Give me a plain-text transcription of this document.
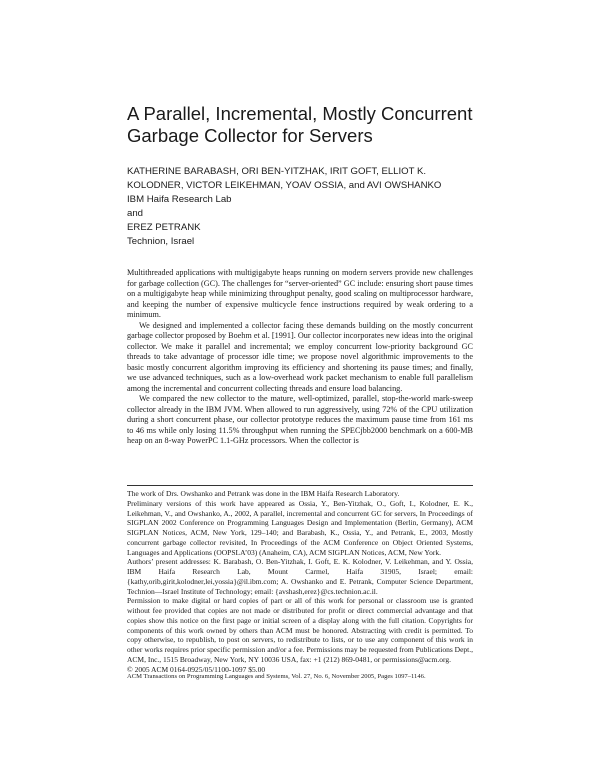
A Parallel, Incremental, Mostly Concurrent
Garbage Collector for Servers
KATHERINE BARABASH, ORI BEN-YITZHAK, IRIT GOFT, ELLIOT K.
KOLODNER, VICTOR LEIKEHMAN, YOAV OSSIA, and AVI OWSHANKO
IBM Haifa Research Lab
and
EREZ PETRANK
Technion, Israel

Multithreaded applications with multigigabyte heaps running on modern servers provide new challenges for garbage collection (GC). The challenges for “server-oriented” GC include: ensuring short pause times on a multigigabyte heap while minimizing throughput penalty, good scaling on multiprocessor hardware, and keeping the number of expensive multicycle fence instructions required by weak ordering to a minimum.

We designed and implemented a collector facing these demands building on the mostly concurrent garbage collector proposed by Boehm et al. [1991]. Our collector incorporates new ideas into the original collector. We make it parallel and incremental; we employ concurrent low-priority background GC threads to take advantage of processor idle time; we propose novel algorithmic improvements to the basic mostly concurrent algorithm improving its efficiency and shortening its pause times; and finally, we use advanced techniques, such as a low-overhead work packet mechanism to enable full parallelism among the incremental and concurrent collecting threads and ensure load balancing.

We compared the new collector to the mature, well-optimized, parallel, stop-the-world mark-sweep collector already in the IBM JVM. When allowed to run aggressively, using 72% of the CPU utilization during a short concurrent phase, our collector prototype reduces the maximum pause time from 161 ms to 46 ms while only losing 11.5% throughput when running the SPECjbb2000 benchmark on a 600-MB heap on an 8-way PowerPC 1.1-GHz processors. When the collector is

The work of Drs. Owshanko and Petrank was done in the IBM Haifa Research Laboratory.

Preliminary versions of this work have appeared as Ossia, Y., Ben-Yitzhak, O., Goft, I., Kolodner, E. K., Leikehman, V., and Owshanko, A., 2002, A parallel, incremental and concurrent GC for servers, In Proceedings of SIGPLAN 2002 Conference on Programming Languages Design and Implementation (Berlin, Germany), ACM SIGPLAN Notices, ACM, New York, 129–140; and Barabash, K., Ossia, Y., and Petrank, E., 2003, Mostly concurrent garbage collector revisited, In Proceedings of the ACM Conference on Object Oriented Systems, Languages and Applications (OOPSLA’03) (Anaheim, CA), ACM SIGPLAN Notices, ACM, New York.

Authors’ present addresses: K. Barabash, O. Ben-Yitzhak, I. Goft, E. K. Kolodner, V. Leikehman, and Y. Ossia, IBM Haifa Research Lab, Mount Carmel, Haifa 31905, Israel; email: {kathy,orib,girit,kolodner,lei,yossia}@il.ibm.com; A. Owshanko and E. Petrank, Computer Science Department, Technion—Israel Institute of Technology; email: {avshash,erez}@cs.technion.ac.il.

Permission to make digital or hard copies of part or all of this work for personal or classroom use is granted without fee provided that copies are not made or distributed for profit or direct commercial advantage and that copies show this notice on the first page or initial screen of a display along with the full citation. Copyrights for components of this work owned by others than ACM must be honored. Abstracting with credit is permitted. To copy otherwise, to republish, to post on servers, to redistribute to lists, or to use any component of this work in other works requires prior specific permission and/or a fee. Permissions may be requested from Publications Dept., ACM, Inc., 1515 Broadway, New York, NY 10036 USA, fax: +1 (212) 869-0481, or permissions@acm.org.

© 2005 ACM 0164-0925/05/1100-1097 $5.00

ACM Transactions on Programming Languages and Systems, Vol. 27, No. 6, November 2005, Pages 1097–1146.
